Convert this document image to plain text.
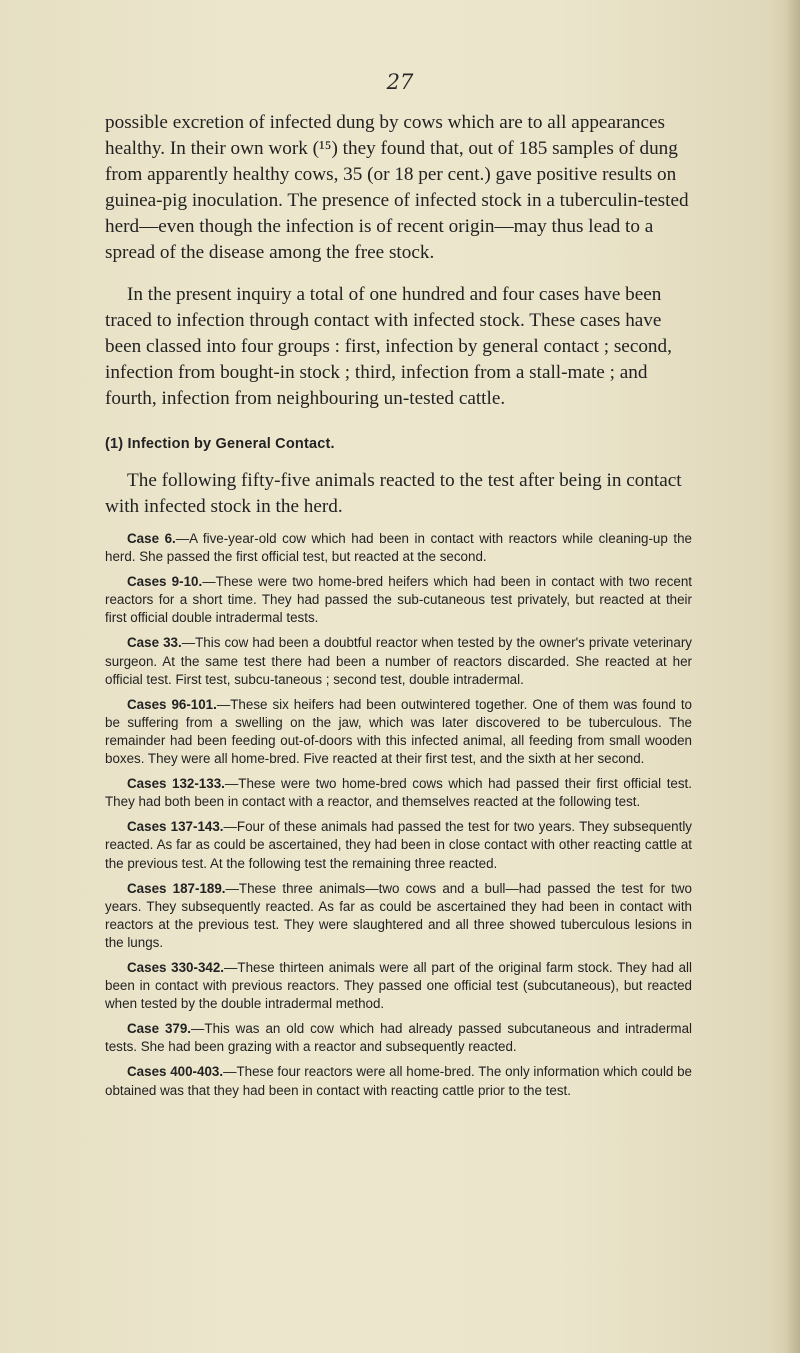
27

possible excretion of infected dung by cows which are to all appearances healthy. In their own work (¹⁵) they found that, out of 185 samples of dung from apparently healthy cows, 35 (or 18 per cent.) gave positive results on guinea-pig inoculation. The presence of infected stock in a tuberculin-tested herd—even though the infection is of recent origin—may thus lead to a spread of the disease among the free stock.

In the present inquiry a total of one hundred and four cases have been traced to infection through contact with infected stock. These cases have been classed into four groups : first, infection by general contact ; second, infection from bought-in stock ; third, infection from a stall-mate ; and fourth, infection from neighbouring un-tested cattle.

(1) Infection by General Contact.
The following fifty-five animals reacted to the test after being in contact with infected stock in the herd.

Case 6.—A five-year-old cow which had been in contact with reactors while cleaning-up the herd. She passed the first official test, but reacted at the second.

Cases 9-10.—These were two home-bred heifers which had been in contact with two recent reactors for a short time. They had passed the sub-cutaneous test privately, but reacted at their first official double intradermal tests.

Case 33.—This cow had been a doubtful reactor when tested by the owner's private veterinary surgeon. At the same test there had been a number of reactors discarded. She reacted at her official test. First test, subcu-taneous ; second test, double intradermal.

Cases 96-101.—These six heifers had been outwintered together. One of them was found to be suffering from a swelling on the jaw, which was later discovered to be tuberculous. The remainder had been feeding out-of-doors with this infected animal, all feeding from small wooden boxes. They were all home-bred. Five reacted at their first test, and the sixth at her second.

Cases 132-133.—These were two home-bred cows which had passed their first official test. They had both been in contact with a reactor, and themselves reacted at the following test.

Cases 137-143.—Four of these animals had passed the test for two years. They subsequently reacted. As far as could be ascertained, they had been in close contact with other reacting cattle at the previous test. At the following test the remaining three reacted.

Cases 187-189.—These three animals—two cows and a bull—had passed the test for two years. They subsequently reacted. As far as could be ascertained they had been in contact with reactors at the previous test. They were slaughtered and all three showed tuberculous lesions in the lungs.

Cases 330-342.—These thirteen animals were all part of the original farm stock. They had all been in contact with previous reactors. They passed one official test (subcutaneous), but reacted when tested by the double intradermal method.

Case 379.—This was an old cow which had already passed subcutaneous and intradermal tests. She had been grazing with a reactor and subsequently reacted.

Cases 400-403.—These four reactors were all home-bred. The only information which could be obtained was that they had been in contact with reacting cattle prior to the test.
